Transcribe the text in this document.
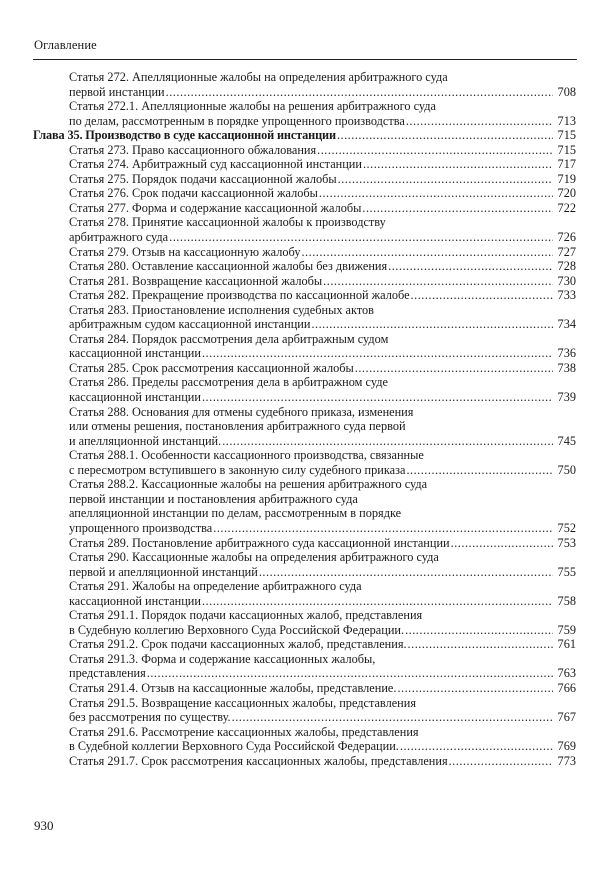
Оглавление
Статья 272. Апелляционные жалобы на определения арбитражного суда
первой инстанции .....	708
Статья 272.1. Апелляционные жалобы на решения арбитражного суда
по делам, рассмотренным в порядке упрощенного производства .....	713
Глава 35. Производство в суде кассационной инстанции .....	715
Статья 273. Право кассационного обжалования .....	715
Статья 274. Арбитражный суд кассационной инстанции .....	717
Статья 275. Порядок подачи кассационной жалобы .....	719
Статья 276. Срок подачи кассационной жалобы .....	720
Статья 277. Форма и содержание кассационной жалобы .....	722
Статья 278. Принятие кассационной жалобы к производству
арбитражного суда .....	726
Статья 279. Отзыв на кассационную жалобу .....	727
Статья 280. Оставление кассационной жалобы без движения .....	728
Статья 281. Возвращение кассационной жалобы .....	730
Статья 282. Прекращение производства по кассационной жалобе .....	733
Статья 283. Приостановление исполнения судебных актов
арбитражным судом кассационной инстанции .....	734
Статья 284. Порядок рассмотрения дела арбитражным судом
кассационной инстанции .....	736
Статья 285. Срок рассмотрения кассационной жалобы .....	738
Статья 286. Пределы рассмотрения дела в арбитражном суде
кассационной инстанции .....	739
Статья 288. Основания для отмены судебного приказа, изменения
или отмены решения, постановления арбитражного суда первой
и апелляционной инстанций. .....	745
Статья 288.1. Особенности кассационного производства, связанные
с пересмотром вступившего в законную силу судебного приказа .....	750
Статья 288.2. Кассационные жалобы на решения арбитражного суда
первой инстанции и постановления арбитражного суда
апелляционной инстанции по делам, рассмотренным в порядке
упрощенного производства .....	752
Статья 289. Постановление арбитражного суда кассационной инстанции .....	753
Статья 290. Кассационные жалобы на определения арбитражного суда
первой и апелляционной инстанций .....	755
Статья 291. Жалобы на определение арбитражного суда
кассационной инстанции .....	758
Статья 291.1. Порядок подачи кассационных жалоб, представления
в Судебную коллегию Верховного Суда Российской Федерации. .....	759
Статья 291.2. Срок подачи кассационных жалоб, представления. .....	761
Статья 291.3. Форма и содержание кассационных жалобы,
представления .....	763
Статья 291.4. Отзыв на кассационные жалобы, представление. .....	766
Статья 291.5. Возвращение кассационных жалобы, представления
без рассмотрения по существу. .....	767
Статья 291.6. Рассмотрение кассационных жалобы, представления
в Судебной коллегии Верховного Суда Российской Федерации. .....	769
Статья 291.7. Срок рассмотрения кассационных жалобы, представления .....	773
930
